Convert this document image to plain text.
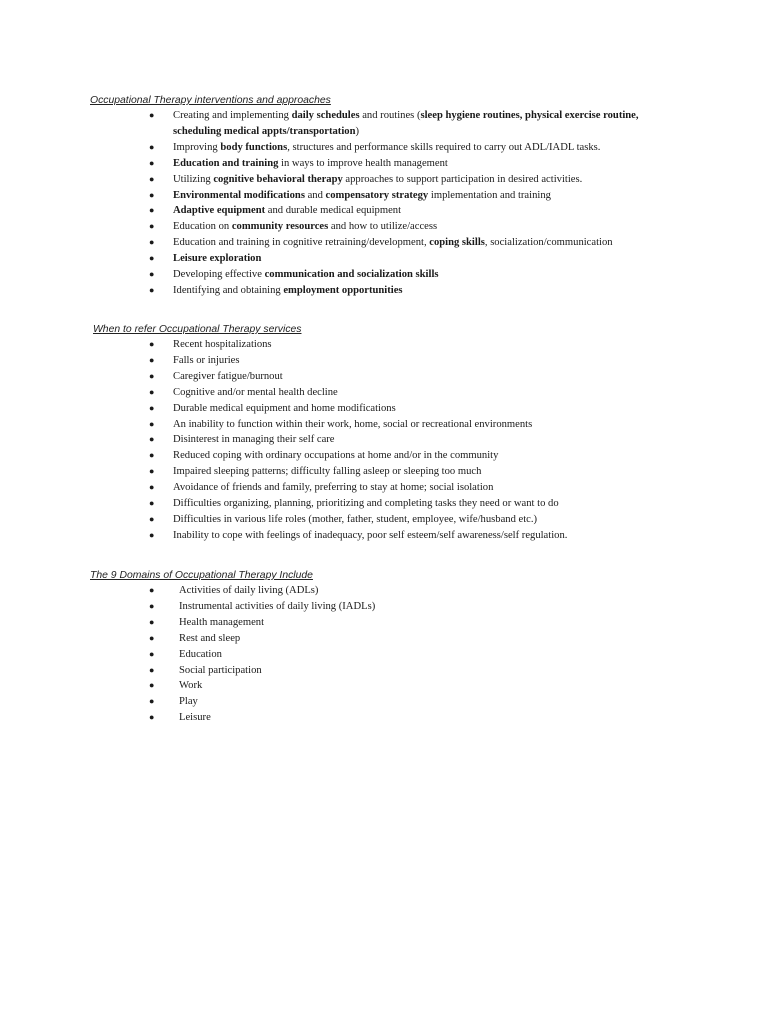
Occupational Therapy interventions and approaches
● Creating and implementing daily schedules and routines (sleep hygiene routines, physical exercise routine, scheduling medical appts/transportation)
● Improving body functions, structures and performance skills required to carry out ADL/IADL tasks.
● Education and training in ways to improve health management
● Utilizing cognitive behavioral therapy approaches to support participation in desired activities.
● Environmental modifications and compensatory strategy implementation and training
● Adaptive equipment and durable medical equipment
● Education on community resources and how to utilize/access
● Education and training in cognitive retraining/development, coping skills, socialization/communication
● Leisure exploration
● Developing effective communication and socialization skills
● Identifying and obtaining employment opportunities
When to refer Occupational Therapy services
● Recent hospitalizations
● Falls or injuries
● Caregiver fatigue/burnout
● Cognitive and/or mental health decline
● Durable medical equipment and home modifications
● An inability to function within their work, home, social or recreational environments
● Disinterest in managing their self care
● Reduced coping with ordinary occupations at home and/or in the community
● Impaired sleeping patterns; difficulty falling asleep or sleeping too much
● Avoidance of friends and family, preferring to stay at home; social isolation
● Difficulties organizing, planning, prioritizing and completing tasks they need or want to do
● Difficulties in various life roles (mother, father, student, employee, wife/husband etc.)
● Inability to cope with feelings of inadequacy, poor self esteem/self awareness/self regulation.
The 9 Domains of Occupational Therapy Include
● Activities of daily living (ADLs)
● Instrumental activities of daily living (IADLs)
● Health management
● Rest and sleep
● Education
● Social participation
● Work
● Play
● Leisure
